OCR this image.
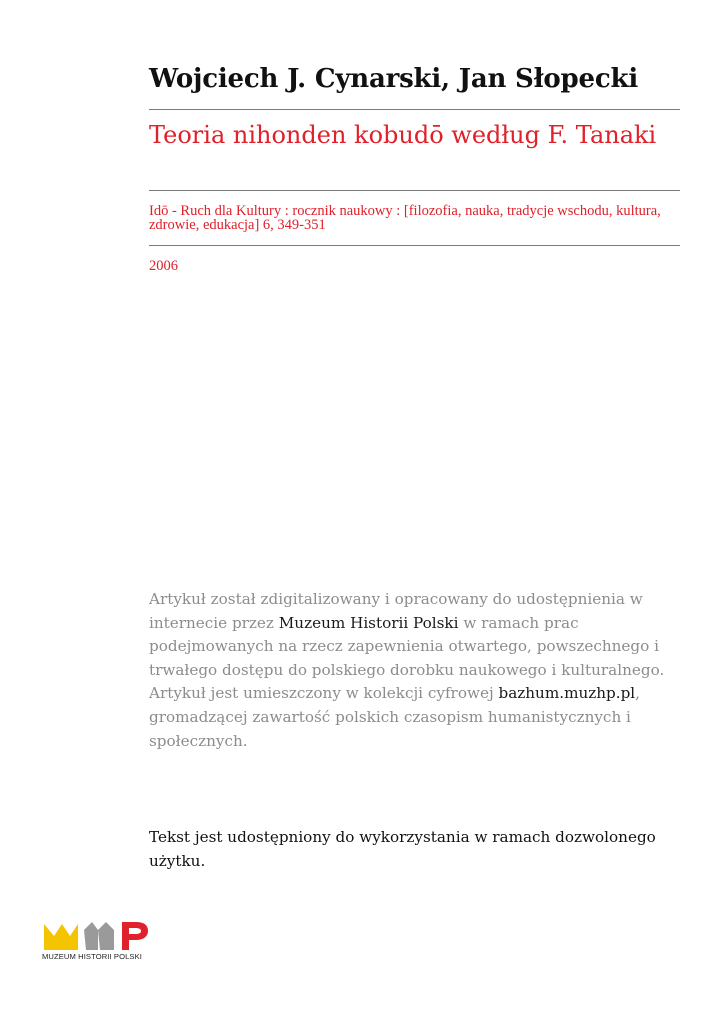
Wojciech J. Cynarski, Jan Słopecki
Teoria nihonden kobudō według F. Tanaki
Idō - Ruch dla Kultury : rocznik naukowy : [filozofia, nauka, tradycje wschodu, kultura, zdrowie, edukacja] 6, 349-351
2006
Artykuł został zdigitalizowany i opracowany do udostępnienia w internecie przez Muzeum Historii Polski w ramach prac podejmowanych na rzecz zapewnienia otwartego, powszechnego i trwałego dostępu do polskiego dorobku naukowego i kulturalnego. Artykuł jest umieszczony w kolekcji cyfrowej bazhum.muzhp.pl, gromadzącej zawartość polskich czasopism humanistycznych i społecznych.
Tekst jest udostępniony do wykorzystania w ramach dozwolonego użytku.
MUZEUM HISTORII POLSKI
